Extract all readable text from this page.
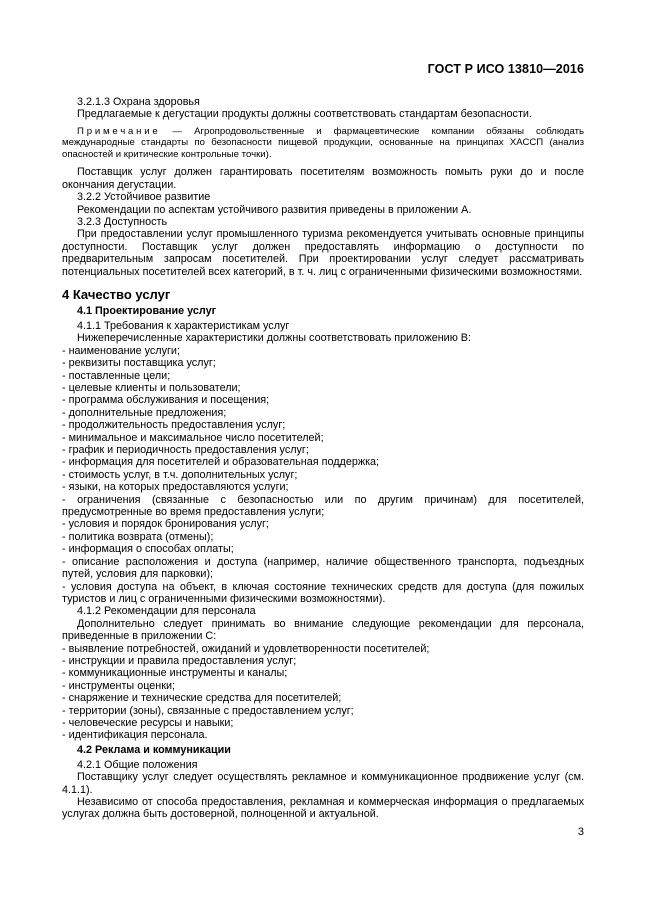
ГОСТ Р ИСО 13810—2016

3.2.1.3 Охрана здоровья

Предлагаемые к дегустации продукты должны соответствовать стандартам безопасности.

Примечание — Агропродовольственные и фармацевтические компании обязаны соблюдать международные стандарты по безопасности пищевой продукции, основанные на принципах ХАССП (анализ опасностей и критические контрольные точки).

Поставщик услуг должен гарантировать посетителям возможность помыть руки до и после окончания дегустации.

3.2.2 Устойчивое развитие

Рекомендации по аспектам устойчивого развития приведены в приложении А.

3.2.3 Доступность

При предоставлении услуг промышленного туризма рекомендуется учитывать основные принципы доступности. Поставщик услуг должен предоставлять информацию о доступности по предварительным запросам посетителей. При проектировании услуг следует рассматривать потенциальных посетителей всех категорий, в т. ч. лиц с ограниченными физическими возможностями.

4 Качество услуг
4.1 Проектирование услуг

4.1.1 Требования к характеристикам услуг

Нижеперечисленные характеристики должны соответствовать приложению В:

- наименование услуги;

- реквизиты поставщика услуг;

- поставленные цели;

- целевые клиенты и пользователи;

- программа обслуживания и посещения;

- дополнительные предложения;

- продолжительность предоставления услуг;

- минимальное и максимальное число посетителей;

- график и периодичность предоставления услуг;

- информация для посетителей и образовательная поддержка;

- стоимость услуг, в т.ч. дополнительных услуг;

- языки, на которых предоставляются услуги;

- ограничения (связанные с безопасностью или по другим причинам) для посетителей, предусмотренные во время предоставления услуги;

- условия и порядок бронирования услуг;

- политика возврата (отмены);

- информация о способах оплаты;

- описание расположения и доступа (например, наличие общественного транспорта, подъездных путей, условия для парковки);

- условия доступа на объект, в ключая состояние технических средств для доступа (для пожилых туристов и лиц с ограниченными физическими возможностями).

4.1.2 Рекомендации для персонала

Дополнительно следует принимать во внимание следующие рекомендации для персонала, приведенные в приложении С:

- выявление потребностей, ожиданий и удовлетворенности посетителей;

- инструкции и правила предоставления услуг;

- коммуникационные инструменты и каналы;

- инструменты оценки;

- снаряжение и технические средства для посетителей;

- территории (зоны), связанные с предоставлением услуг;

- человеческие ресурсы и навыки;

- идентификация персонала.

4.2 Реклама и коммуникации

4.2.1 Общие положения

Поставщику услуг следует осуществлять рекламное и коммуникационное продвижение услуг (см. 4.1.1).

Независимо от способа предоставления, рекламная и коммерческая информация о предлагаемых услугах должна быть достоверной, полноценной и актуальной.

3
